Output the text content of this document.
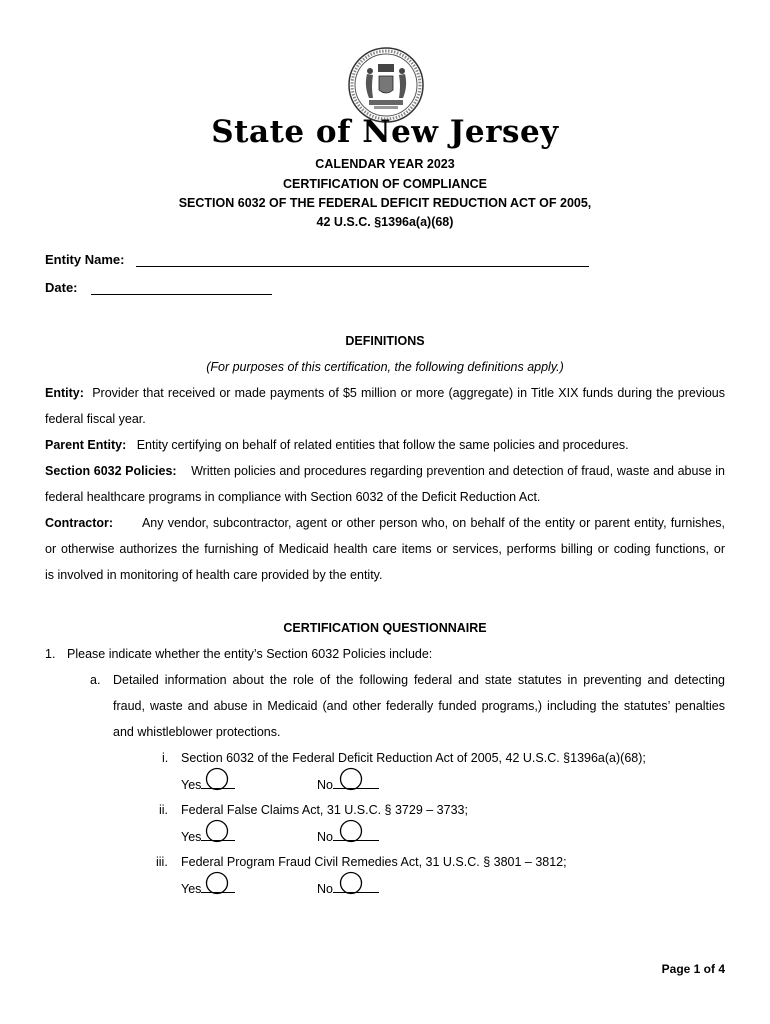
State of New Jersey
CALENDAR YEAR 2023
CERTIFICATION OF COMPLIANCE
SECTION 6032 OF THE FEDERAL DEFICIT REDUCTION ACT OF 2005,
42 U.S.C. §1396a(a)(68)
Entity Name:
Date:
DEFINITIONS
(For purposes of this certification, the following definitions apply.)
Entity: Provider that received or made payments of $5 million or more (aggregate) in Title XIX funds during the previous
federal fiscal year.
Parent Entity: Entity certifying on behalf of related entities that follow the same policies and procedures.
Section 6032 Policies: Written policies and procedures regarding prevention and detection of fraud, waste and abuse in
federal healthcare programs in compliance with Section 6032 of the Deficit Reduction Act.
Contractor: Any vendor, subcontractor, agent or other person who, on behalf of the entity or parent entity, furnishes,
or otherwise authorizes the furnishing of Medicaid health care items or services, performs billing or coding functions, or
is involved in monitoring of health care provided by the entity.
CERTIFICATION QUESTIONNAIRE
1. Please indicate whether the entity’s Section 6032 Policies include:
a. Detailed information about the role of the following federal and state statutes in preventing and detecting
fraud, waste and abuse in Medicaid (and other federally funded programs,) including the statutes’ penalties
and whistleblower protections.
i. Section 6032 of the Federal Deficit Reduction Act of 2005, 42 U.S.C. §1396a(a)(68);
Yes	No
ii. Federal False Claims Act, 31 U.S.C. § 3729 – 3733;
Yes	No
iii. Federal Program Fraud Civil Remedies Act, 31 U.S.C. § 3801 – 3812;
Yes	No
Page 1 of 4
